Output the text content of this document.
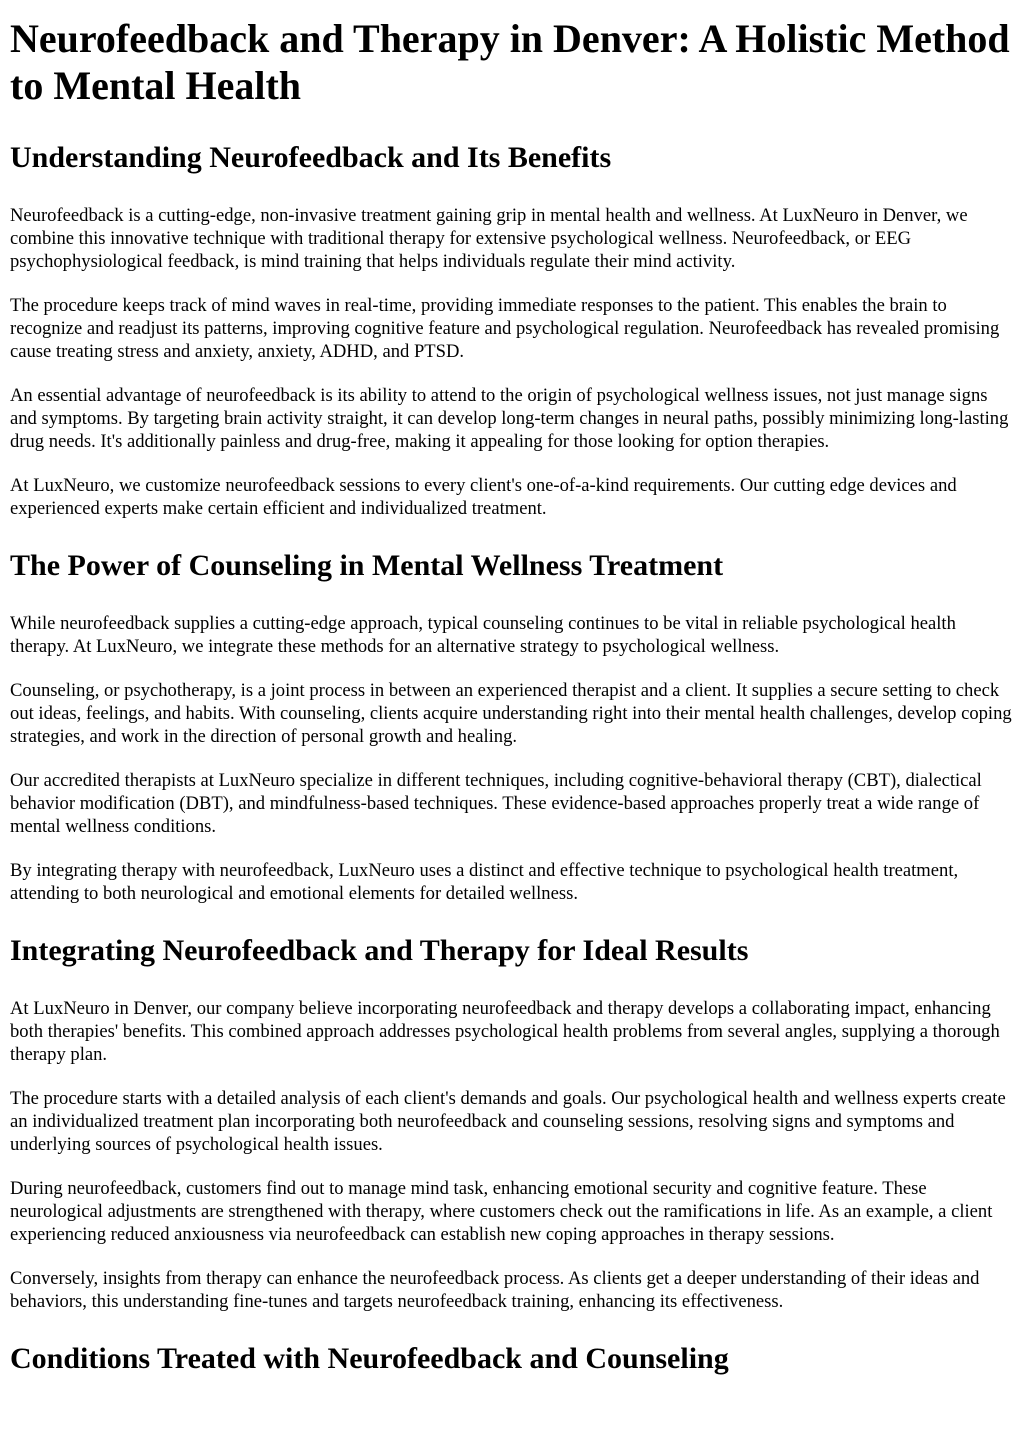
Neurofeedback and Therapy in Denver: A Holistic Method to Mental Health
Understanding Neurofeedback and Its Benefits

Neurofeedback is a cutting-edge, non-invasive treatment gaining grip in mental health and wellness. At LuxNeuro in Denver, we combine this innovative technique with traditional therapy for extensive psychological wellness. Neurofeedback, or EEG psychophysiological feedback, is mind training that helps individuals regulate their mind activity.

The procedure keeps track of mind waves in real-time, providing immediate responses to the patient. This enables the brain to recognize and readjust its patterns, improving cognitive feature and psychological regulation. Neurofeedback has revealed promising cause treating stress and anxiety, anxiety, ADHD, and PTSD.

An essential advantage of neurofeedback is its ability to attend to the origin of psychological wellness issues, not just manage signs and symptoms. By targeting brain activity straight, it can develop long-term changes in neural paths, possibly minimizing long-lasting drug needs. It's additionally painless and drug-free, making it appealing for those looking for option therapies.

At LuxNeuro, we customize neurofeedback sessions to every client's one-of-a-kind requirements. Our cutting edge devices and experienced experts make certain efficient and individualized treatment.

The Power of Counseling in Mental Wellness Treatment

While neurofeedback supplies a cutting-edge approach, typical counseling continues to be vital in reliable psychological health therapy. At LuxNeuro, we integrate these methods for an alternative strategy to psychological wellness.

Counseling, or psychotherapy, is a joint process in between an experienced therapist and a client. It supplies a secure setting to check out ideas, feelings, and habits. With counseling, clients acquire understanding right into their mental health challenges, develop coping strategies, and work in the direction of personal growth and healing.

Our accredited therapists at LuxNeuro specialize in different techniques, including cognitive-behavioral therapy (CBT), dialectical behavior modification (DBT), and mindfulness-based techniques. These evidence-based approaches properly treat a wide range of mental wellness conditions.

By integrating therapy with neurofeedback, LuxNeuro uses a distinct and effective technique to psychological health treatment, attending to both neurological and emotional elements for detailed wellness.

Integrating Neurofeedback and Therapy for Ideal Results

At LuxNeuro in Denver, our company believe incorporating neurofeedback and therapy develops a collaborating impact, enhancing both therapies' benefits. This combined approach addresses psychological health problems from several angles, supplying a thorough therapy plan.

The procedure starts with a detailed analysis of each client's demands and goals. Our psychological health and wellness experts create an individualized treatment plan incorporating both neurofeedback and counseling sessions, resolving signs and symptoms and underlying sources of psychological health issues.

During neurofeedback, customers find out to manage mind task, enhancing emotional security and cognitive feature. These neurological adjustments are strengthened with therapy, where customers check out the ramifications in life. As an example, a client experiencing reduced anxiousness via neurofeedback can establish new coping approaches in therapy sessions.

Conversely, insights from therapy can enhance the neurofeedback process. As clients get a deeper understanding of their ideas and behaviors, this understanding fine-tunes and targets neurofeedback training, enhancing its effectiveness.

Conditions Treated with Neurofeedback and Counseling
